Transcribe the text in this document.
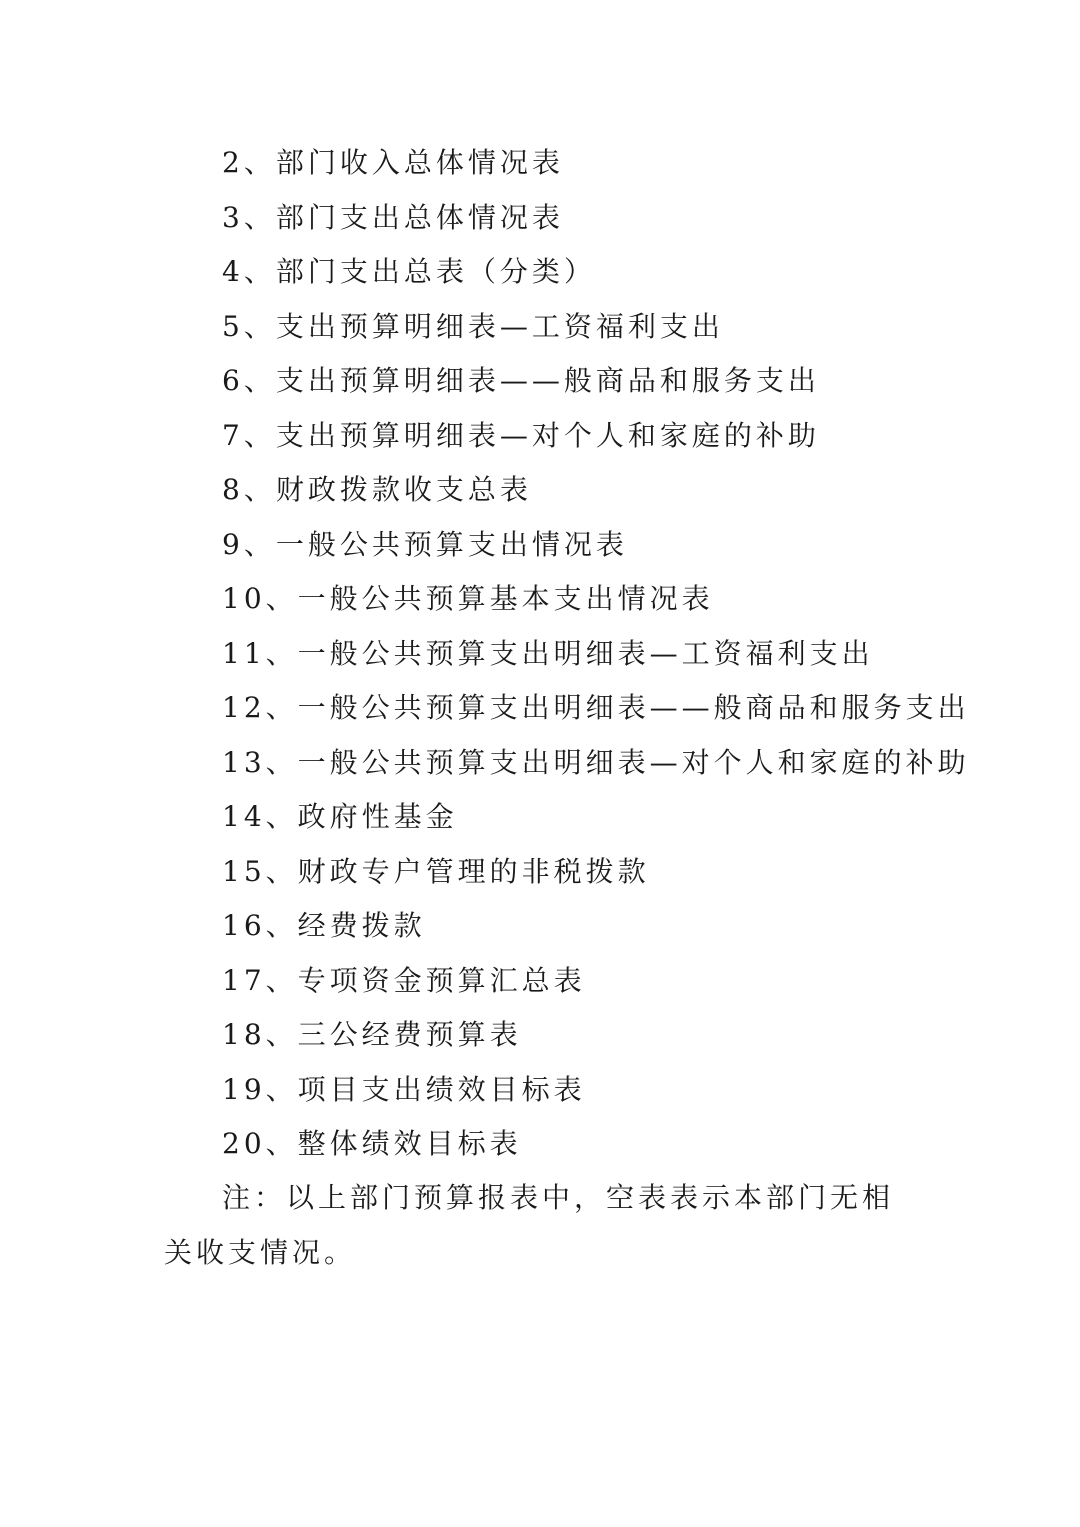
2、部门收入总体情况表
3、部门支出总体情况表
4、部门支出总表（分类）
5、支出预算明细表—工资福利支出
6、支出预算明细表——般商品和服务支出
7、支出预算明细表—对个人和家庭的补助
8、财政拨款收支总表
9、一般公共预算支出情况表
10、一般公共预算基本支出情况表
11、一般公共预算支出明细表—工资福利支出
12、一般公共预算支出明细表——般商品和服务支出
13、一般公共预算支出明细表—对个人和家庭的补助
14、政府性基金
15、财政专户管理的非税拨款
16、经费拨款
17、专项资金预算汇总表
18、三公经费预算表
19、项目支出绩效目标表
20、整体绩效目标表

注：以上部门预算报表中，空表表示本部门无相关收支情况。
